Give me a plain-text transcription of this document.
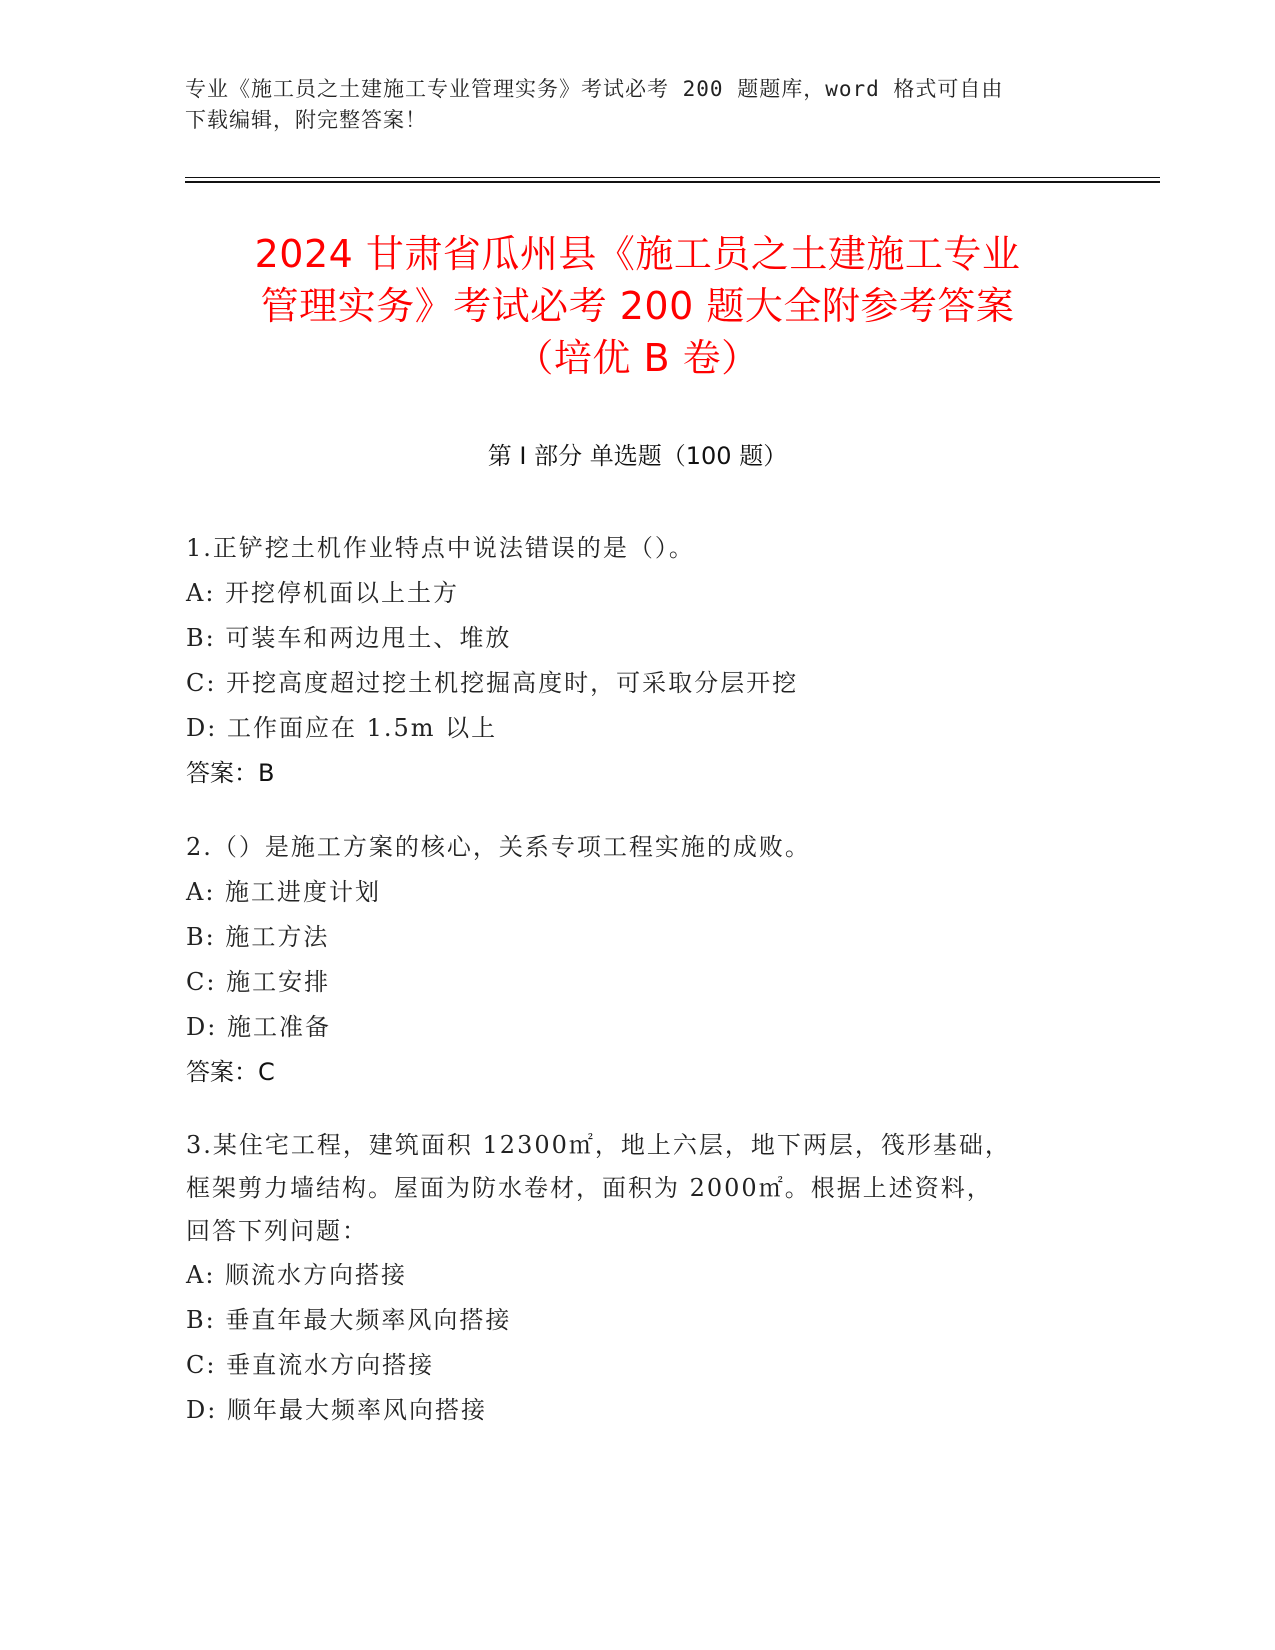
专业《施工员之土建施工专业管理实务》考试必考 200 题题库，word 格式可自由
下载编辑，附完整答案！
2024 甘肃省瓜州县《施工员之土建施工专业
管理实务》考试必考 200 题大全附参考答案
（培优 B 卷）
第 I 部分 单选题（100 题）
1.正铲挖土机作业特点中说法错误的是（）。
A: 开挖停机面以上土方
B: 可装车和两边甩土、堆放
C: 开挖高度超过挖土机挖掘高度时，可采取分层开挖
D: 工作面应在 1.5m 以上
答案：B
2.（）是施工方案的核心，关系专项工程实施的成败。
A: 施工进度计划
B: 施工方法
C: 施工安排
D: 施工准备
答案：C
3.某住宅工程，建筑面积 12300㎡，地上六层，地下两层，筏形基础，
框架剪力墙结构。屋面为防水卷材，面积为 2000㎡。根据上述资料，
回答下列问题：
A: 顺流水方向搭接
B: 垂直年最大频率风向搭接
C: 垂直流水方向搭接
D: 顺年最大频率风向搭接
